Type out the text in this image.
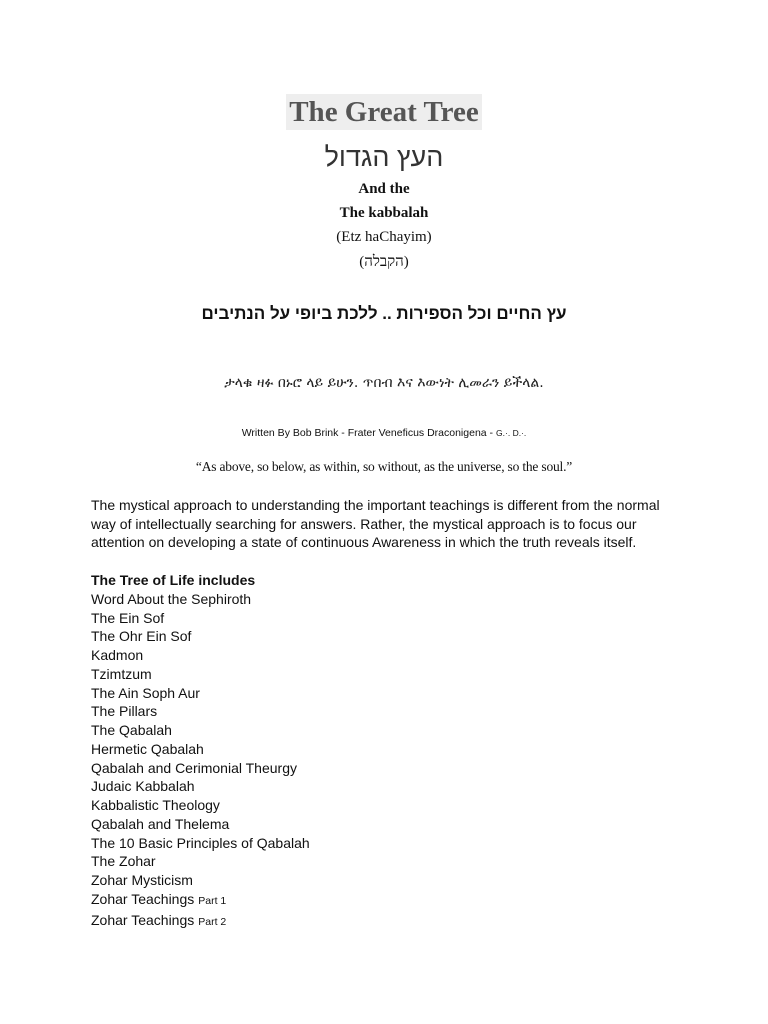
The Great Tree
העץ הגדול
And the
The kabbalah
(Etz haChayim)
(הקבלה)
עץ החיים וכל הספירות .. ללכת ביופי על הנתיבים
ታላቁ ዛፉ በኑሮ ላይ ይሁን. ጥበብ እና እውነት ሊመራን ይችላል.
Written By Bob Brink - Frater Veneficus Draconigena - G.·. D.·.
“As above, so below, as within, so without, as the universe, so the soul.”
The mystical approach to understanding the important teachings is different from the normal way of intellectually searching for answers. Rather, the mystical approach is to focus our attention on developing a state of continuous Awareness in which the truth reveals itself.
The Tree of Life includes
Word About the Sephiroth
The Ein Sof
The Ohr Ein Sof
Kadmon
Tzimtzum
The Ain Soph Aur
The Pillars
The Qabalah
Hermetic Qabalah
Qabalah and Cerimonial Theurgy
Judaic Kabbalah
Kabbalistic Theology
Qabalah and Thelema
The 10 Basic Principles of Qabalah
The Zohar
Zohar Mysticism
Zohar Teachings Part 1
Zohar Teachings Part 2
